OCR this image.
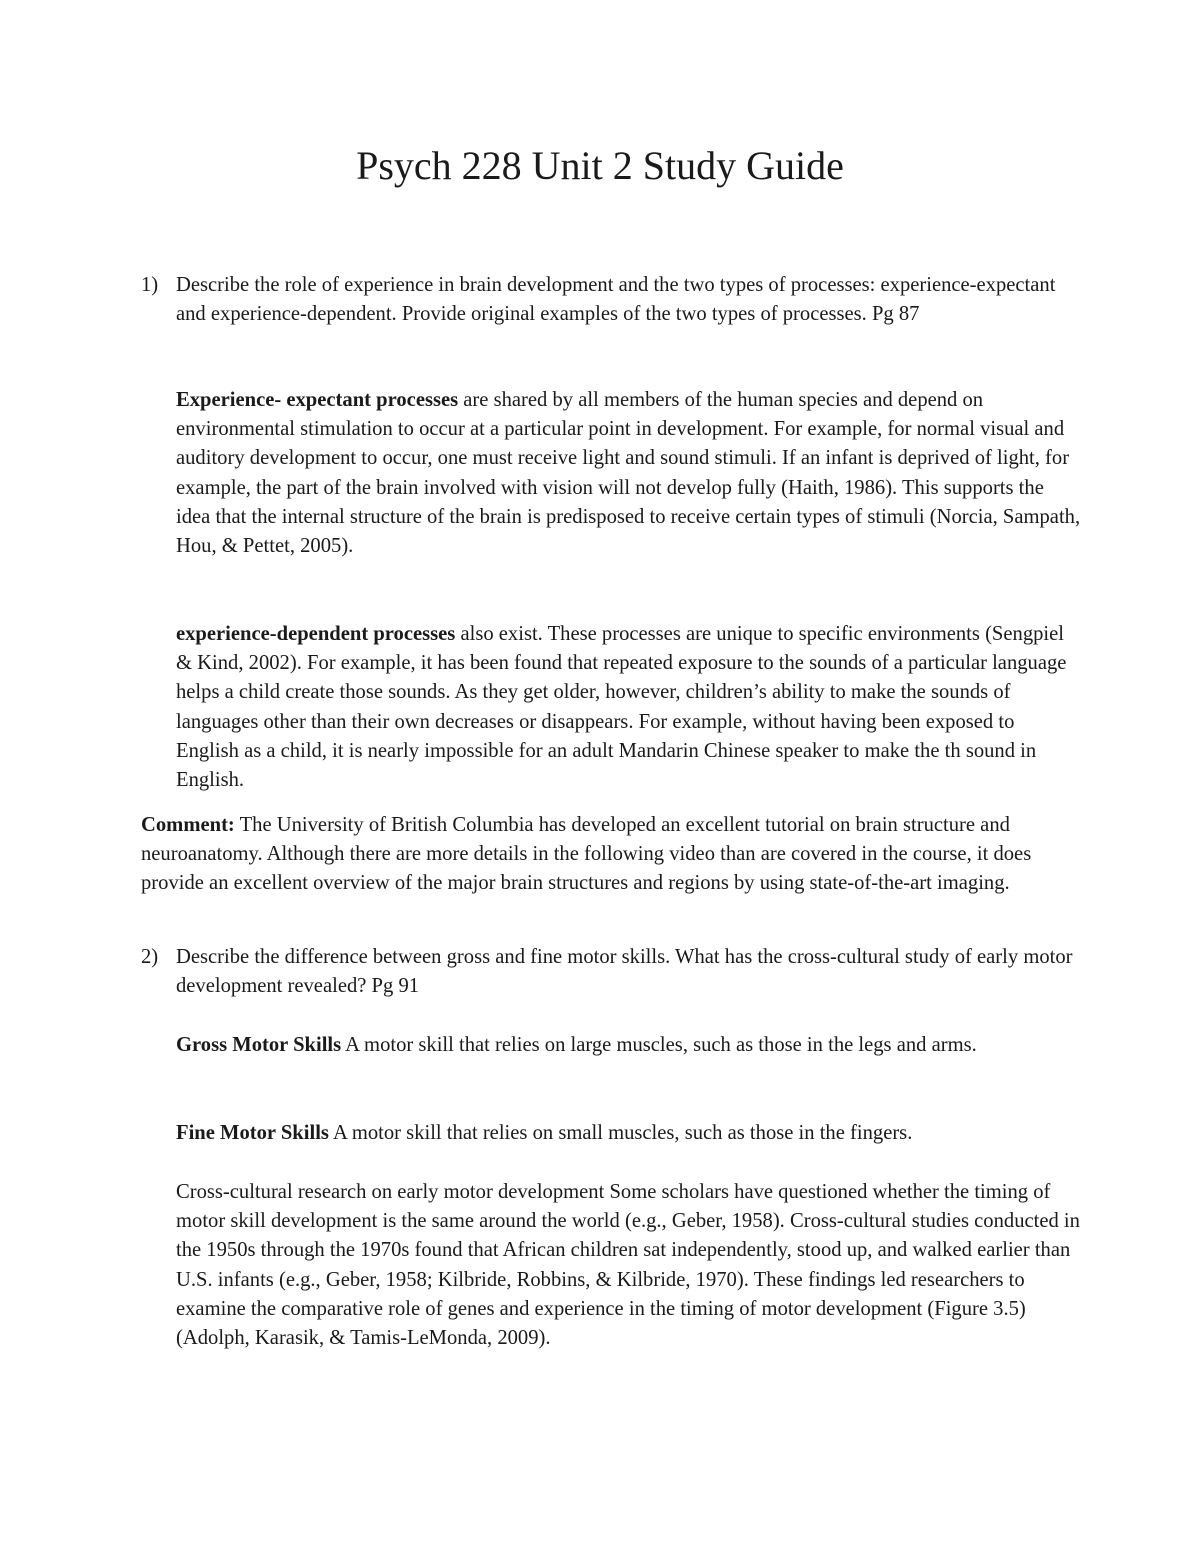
Psych 228 Unit 2 Study Guide
1) Describe the role of experience in brain development and the two types of processes: experience-expectant and experience-dependent. Provide original examples of the two types of processes. Pg 87

Experience- expectant processes are shared by all members of the human species and depend on environmental stimulation to occur at a particular point in development. For example, for normal visual and auditory development to occur, one must receive light and sound stimuli. If an infant is deprived of light, for example, the part of the brain involved with vision will not develop fully (Haith, 1986). This supports the idea that the internal structure of the brain is predisposed to receive certain types of stimuli (Norcia, Sampath, Hou, & Pettet, 2005).

experience-dependent processes also exist. These processes are unique to specific environments (Sengpiel & Kind, 2002). For example, it has been found that repeated exposure to the sounds of a particular language helps a child create those sounds. As they get older, however, children’s ability to make the sounds of languages other than their own decreases or disappears. For example, without having been exposed to English as a child, it is nearly impossible for an adult Mandarin Chinese speaker to make the th sound in English.

Comment: The University of British Columbia has developed an excellent tutorial on brain structure and neuroanatomy. Although there are more details in the following video than are covered in the course, it does provide an excellent overview of the major brain structures and regions by using state-of-the-art imaging.

2) Describe the difference between gross and fine motor skills. What has the cross-cultural study of early motor development revealed? Pg 91

Gross Motor Skills A motor skill that relies on large muscles, such as those in the legs and arms.

Fine Motor Skills A motor skill that relies on small muscles, such as those in the fingers.

Cross-cultural research on early motor development Some scholars have questioned whether the timing of motor skill development is the same around the world (e.g., Geber, 1958). Cross-cultural studies conducted in the 1950s through the 1970s found that African children sat independently, stood up, and walked earlier than U.S. infants (e.g., Geber, 1958; Kilbride, Robbins, & Kilbride, 1970). These findings led researchers to examine the comparative role of genes and experience in the timing of motor development (Figure 3.5) (Adolph, Karasik, & Tamis-LeMonda, 2009).
